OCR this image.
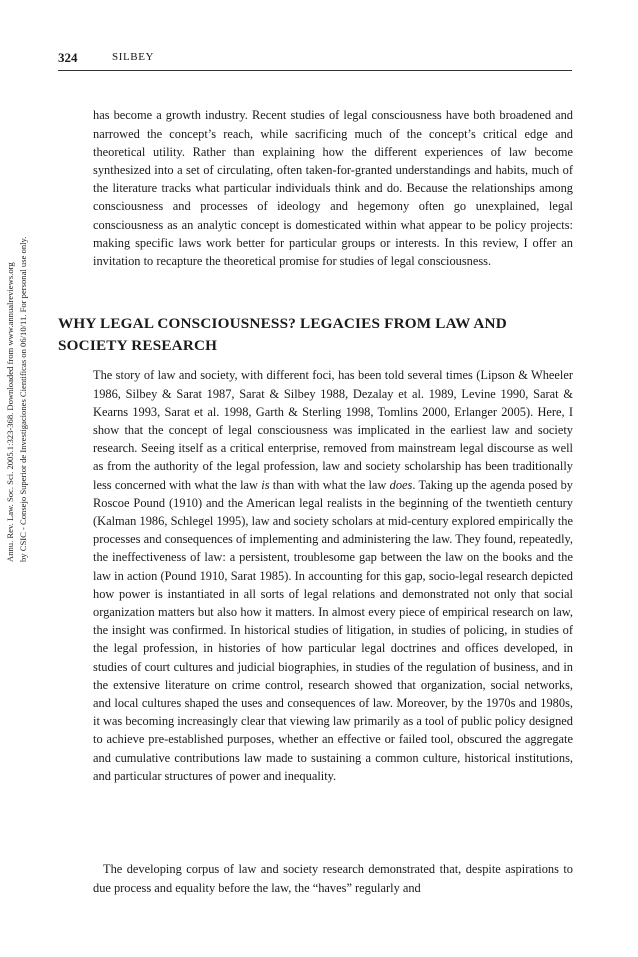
324	SILBEY
Annu. Rev. Law. Soc. Sci. 2005.1:323-368. Downloaded from www.annualreviews.org by CSIC - Consejo Superior de Investigaciones Cientificas on 06/10/11. For personal use only.

has become a growth industry. Recent studies of legal consciousness have both broadened and narrowed the concept’s reach, while sacrificing much of the concept’s critical edge and theoretical utility. Rather than explaining how the different experiences of law become synthesized into a set of circulating, often taken-for-granted understandings and habits, much of the literature tracks what particular individuals think and do. Because the relationships among consciousness and processes of ideology and hegemony often go unexplained, legal consciousness as an analytic concept is domesticated within what appear to be policy projects: making specific laws work better for particular groups or interests. In this review, I offer an invitation to recapture the theoretical promise for studies of legal consciousness.

WHY LEGAL CONSCIOUSNESS? LEGACIES FROM LAW AND SOCIETY RESEARCH

The story of law and society, with different foci, has been told several times (Lipson & Wheeler 1986, Silbey & Sarat 1987, Sarat & Silbey 1988, Dezalay et al. 1989, Levine 1990, Sarat & Kearns 1993, Sarat et al. 1998, Garth & Sterling 1998, Tomlins 2000, Erlanger 2005). Here, I show that the concept of legal consciousness was implicated in the earliest law and society research. Seeing itself as a critical enterprise, removed from mainstream legal discourse as well as from the authority of the legal profession, law and society scholarship has been traditionally less concerned with what the law is than with what the law does. Taking up the agenda posed by Roscoe Pound (1910) and the American legal realists in the beginning of the twentieth century (Kalman 1986, Schlegel 1995), law and society scholars at mid-century explored empirically the processes and consequences of implementing and administering the law. They found, repeatedly, the ineffectiveness of law: a persistent, troublesome gap between the law on the books and the law in action (Pound 1910, Sarat 1985). In accounting for this gap, socio-legal research depicted how power is instantiated in all sorts of legal relations and demonstrated not only that social organization matters but also how it matters. In almost every piece of empirical research on law, the insight was confirmed. In historical studies of litigation, in studies of policing, in studies of the legal profession, in histories of how particular legal doctrines and offices developed, in studies of court cultures and judicial biographies, in studies of the regulation of business, and in the extensive literature on crime control, research showed that organization, social networks, and local cultures shaped the uses and consequences of law. Moreover, by the 1970s and 1980s, it was becoming increasingly clear that viewing law primarily as a tool of public policy designed to achieve pre-established purposes, whether an effective or failed tool, obscured the aggregate and cumulative contributions law made to sustaining a common culture, historical institutions, and particular structures of power and inequality.

The developing corpus of law and society research demonstrated that, despite aspirations to due process and equality before the law, the “haves” regularly and
